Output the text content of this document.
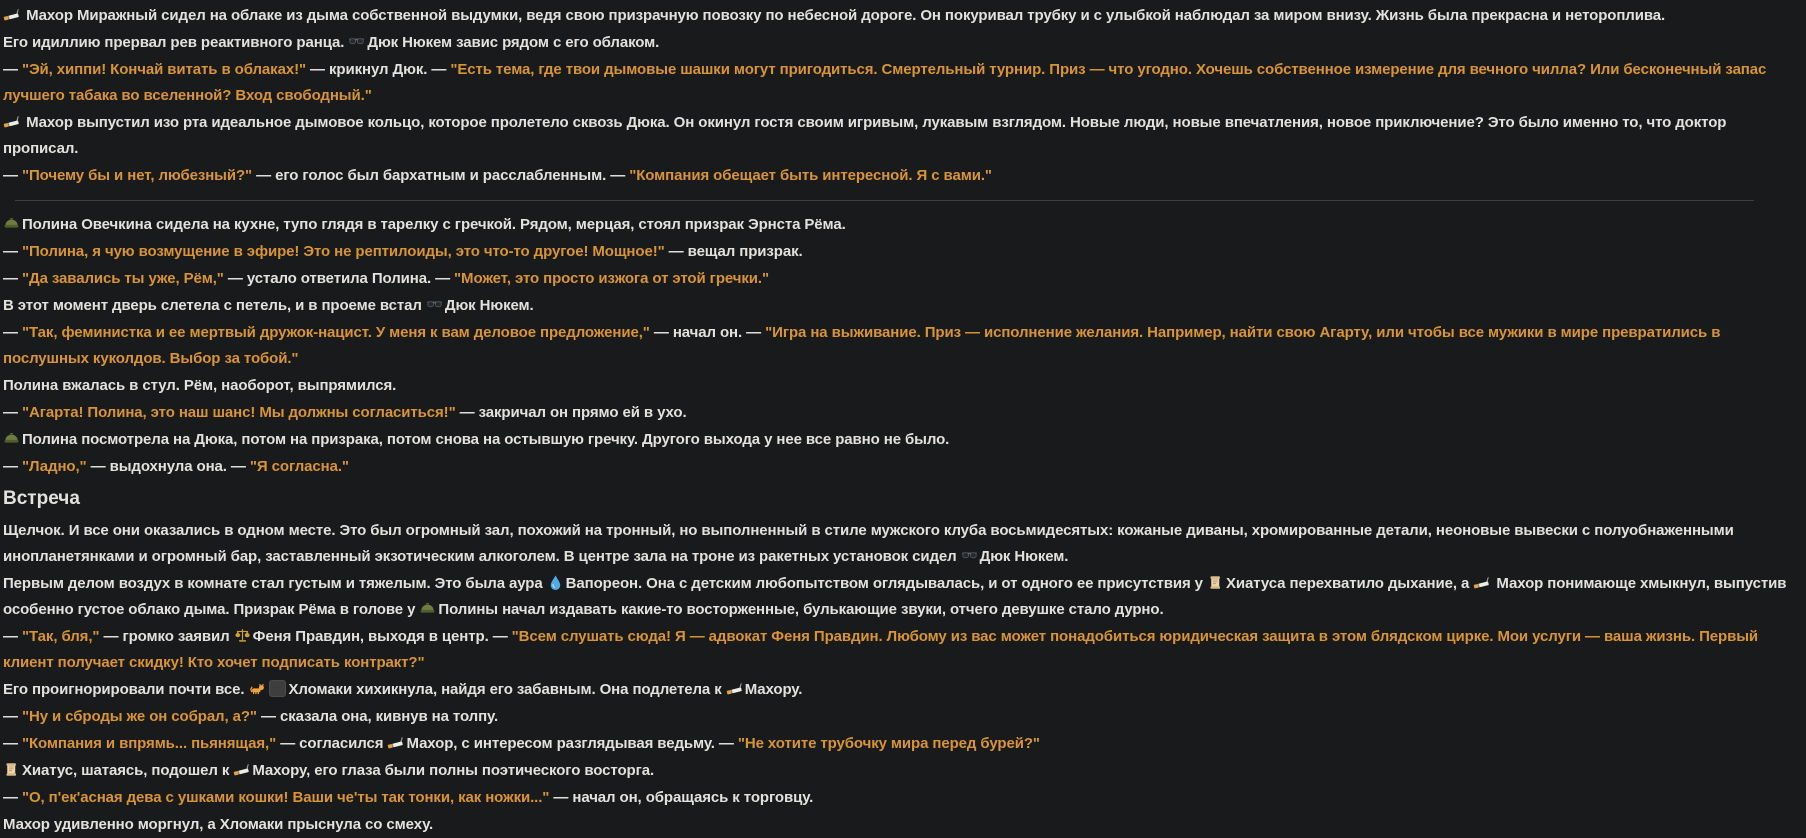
Махор Миражный сидел на облаке из дыма собственной выдумки, ведя свою призрачную повозку по небесной дороге. Он покуривал трубку и с улыбкой наблюдал за миром внизу. Жизнь была прекрасна и нетороплива.

Его идиллию прервал рев реактивного ранца.
Дюк Нюкем завис рядом с его облаком.

— "Эй, хиппи! Кончай витать в облаках!" — крикнул Дюк. — "Есть тема, где твои дымовые шашки могут пригодиться. Смертельный турнир. Приз — что угодно. Хочешь собственное измерение для вечного чилла? Или бесконечный запас лучшего табака во вселенной? Вход свободный."

Махор выпустил изо рта идеальное дымовое кольцо, которое пролетело сквозь Дюка. Он окинул гостя своим игривым, лукавым взглядом. Новые люди, новые впечатления, новое приключение? Это было именно то, что доктор прописал.

— "Почему бы и нет, любезный?" — его голос был бархатным и расслабленным. — "Компания обещает быть интересной. Я с вами."

Полина Овечкина сидела на кухне, тупо глядя в тарелку с гречкой. Рядом, мерцая, стоял призрак Эрнста Рёма.

— "Полина, я чую возмущение в эфире! Это не рептилоиды, это что-то другое! Мощное!" — вещал призрак.

— "Да завались ты уже, Рём," — устало ответила Полина. — "Может, это просто изжога от этой гречки."

В этот момент дверь слетела с петель, и в проеме встал
Дюк Нюкем.

— "Так, феминистка и ее мертвый дружок-нацист. У меня к вам деловое предложение," — начал он. — "Игра на выживание. Приз — исполнение желания. Например, найти свою Агарту, или чтобы все мужики в мире превратились в послушных куколдов. Выбор за тобой."

Полина вжалась в стул. Рём, наоборот, выпрямился.

— "Агарта! Полина, это наш шанс! Мы должны согласиться!" — закричал он прямо ей в ухо.

Полина посмотрела на Дюка, потом на призрака, потом снова на остывшую гречку. Другого выхода у нее все равно не было.

— "Ладно," — выдохнула она. — "Я согласна."

Встреча

Щелчок. И все они оказались в одном месте. Это был огромный зал, похожий на тронный, но выполненный в стиле мужского клуба восьмидесятых: кожаные диваны, хромированные детали, неоновые вывески с полуобнаженными инопланетянками и огромный бар, заставленный экзотическим алкоголем. В центре зала на троне из ракетных установок сидел
Дюк Нюкем.

Первым делом воздух в комнате стал густым и тяжелым. Это была аура
Вапореон. Она с детским любопытством оглядывалась, и от одного ее присутствия у
Хиатуса перехватило дыхание, а
Махор понимающе хмыкнул, выпустив особенно густое облако дыма. Призрак Рёма в голове у
Полины начал издавать какие-то восторженные, булькающие звуки, отчего девушке стало дурно.

— "Так, бля," — громко заявил
Феня Правдин, выходя в центр. — "Всем слушать сюда! Я — адвокат Феня Правдин. Любому из вас может понадобиться юридическая защита в этом блядском цирке. Мои услуги — ваша жизнь. Первый клиент получает скидку! Кто хочет подписать контракт?"

Его проигнорировали почти все.	Хломаки хихикнула, найдя его забавным. Она подлетела к
Махору.

— "Ну и сброды же он собрал, а?" — сказала она, кивнув на толпу.

— "Компания и впрямь... пьянящая," — согласился
Махор, с интересом разглядывая ведьму. — "Не хотите трубочку мира перед бурей?"

Хиатус, шатаясь, подошел к
Махору, его глаза были полны поэтического восторга.

— "О, п'ек'асная дева с ушками кошки! Ваши че'ты так тонки, как ножки..." — начал он, обращаясь к торговцу.

Махор удивленно моргнул, а Хломаки прыснула со смеху.
